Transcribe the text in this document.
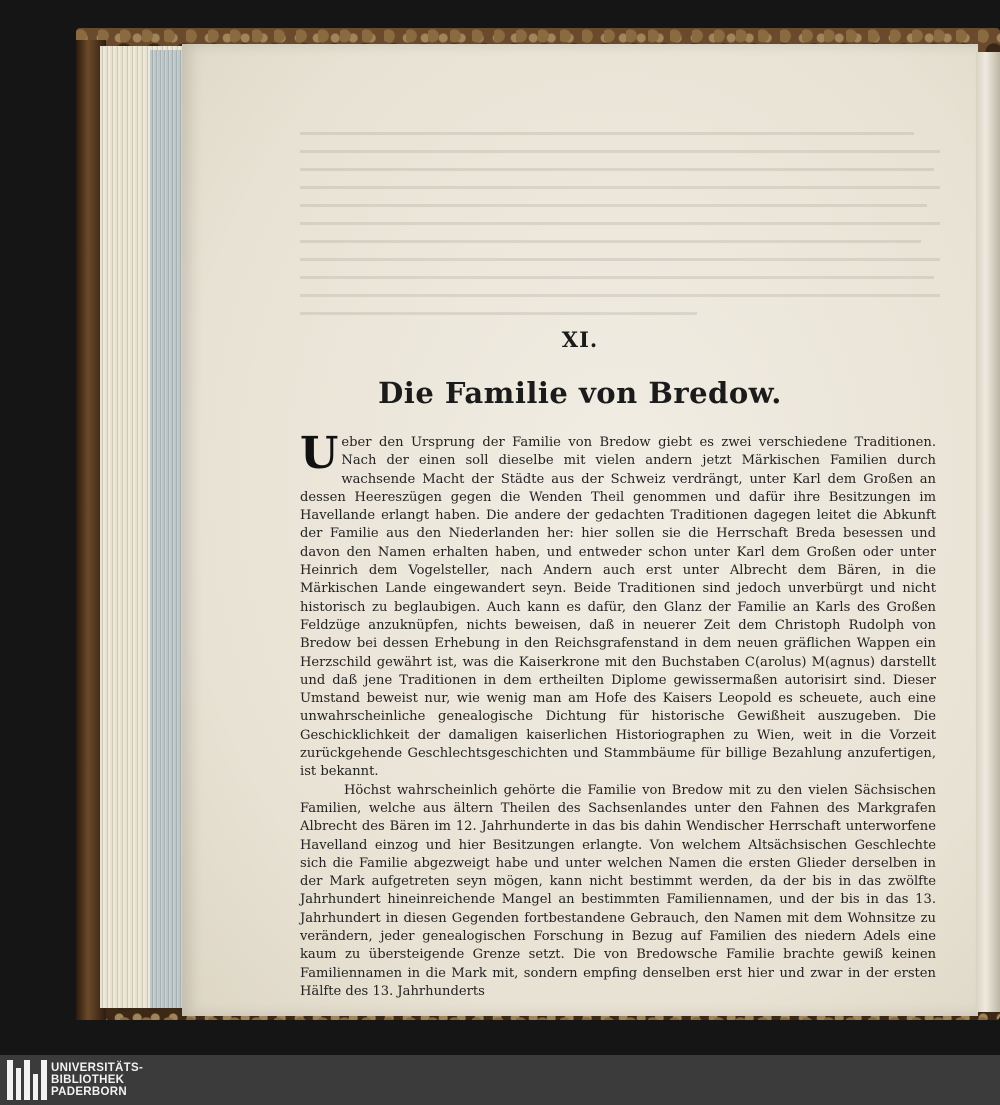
XI.
Die Familie von Bredow.

Ueber den Ursprung der Familie von Bredow giebt es zwei verschiedene Traditionen. Nach der einen soll dieselbe mit vielen andern jetzt Märkischen Familien durch wachsende Macht der Städte aus der Schweiz verdrängt, unter Karl dem Großen an dessen Heereszügen gegen die Wenden Theil genommen und dafür ihre Besitzungen im Havellande erlangt haben. Die andere der gedachten Traditionen dagegen leitet die Abkunft der Familie aus den Niederlanden her: hier sollen sie die Herrschaft Breda besessen und davon den Namen erhalten haben, und entweder schon unter Karl dem Großen oder unter Heinrich dem Vogelsteller, nach Andern auch erst unter Albrecht dem Bären, in die Märkischen Lande eingewandert seyn. Beide Traditionen sind jedoch unverbürgt und nicht historisch zu beglaubigen. Auch kann es dafür, den Glanz der Familie an Karls des Großen Feldzüge anzuknüpfen, nichts beweisen, daß in neuerer Zeit dem Christoph Rudolph von Bredow bei dessen Erhebung in den Reichsgrafenstand in dem neuen gräflichen Wappen ein Herzschild gewährt ist, was die Kaiserkrone mit den Buchstaben C(arolus) M(agnus) darstellt und daß jene Traditionen in dem ertheilten Diplome gewissermaßen autorisirt sind. Dieser Umstand beweist nur, wie wenig man am Hofe des Kaisers Leopold es scheuete, auch eine unwahrscheinliche genealogische Dichtung für historische Gewißheit auszugeben. Die Geschicklichkeit der damaligen kaiserlichen Historiographen zu Wien, weit in die Vorzeit zurückgehende Geschlechtsgeschichten und Stammbäume für billige Bezahlung anzufertigen, ist bekannt.

Höchst wahrscheinlich gehörte die Familie von Bredow mit zu den vielen Sächsischen Familien, welche aus ältern Theilen des Sachsenlandes unter den Fahnen des Markgrafen Albrecht des Bären im 12. Jahrhunderte in das bis dahin Wendischer Herrschaft unterworfene Havelland einzog und hier Besitzungen erlangte. Von welchem Altsächsischen Geschlechte sich die Familie abgezweigt habe und unter welchen Namen die ersten Glieder derselben in der Mark aufgetreten seyn mögen, kann nicht bestimmt werden, da der bis in das zwölfte Jahrhundert hineinreichende Mangel an bestimmten Familiennamen, und der bis in das 13. Jahrhundert in diesen Gegenden fortbestandene Gebrauch, den Namen mit dem Wohnsitze zu verändern, jeder genealogischen Forschung in Bezug auf Familien des niedern Adels eine kaum zu übersteigende Grenze setzt. Die von Bredowsche Familie brachte gewiß keinen Familiennamen in die Mark mit, sondern empfing denselben erst hier und zwar in der ersten Hälfte des 13. Jahrhunderts

UNIVERSITÄTS-
BIBLIOTHEK
PADERBORN
